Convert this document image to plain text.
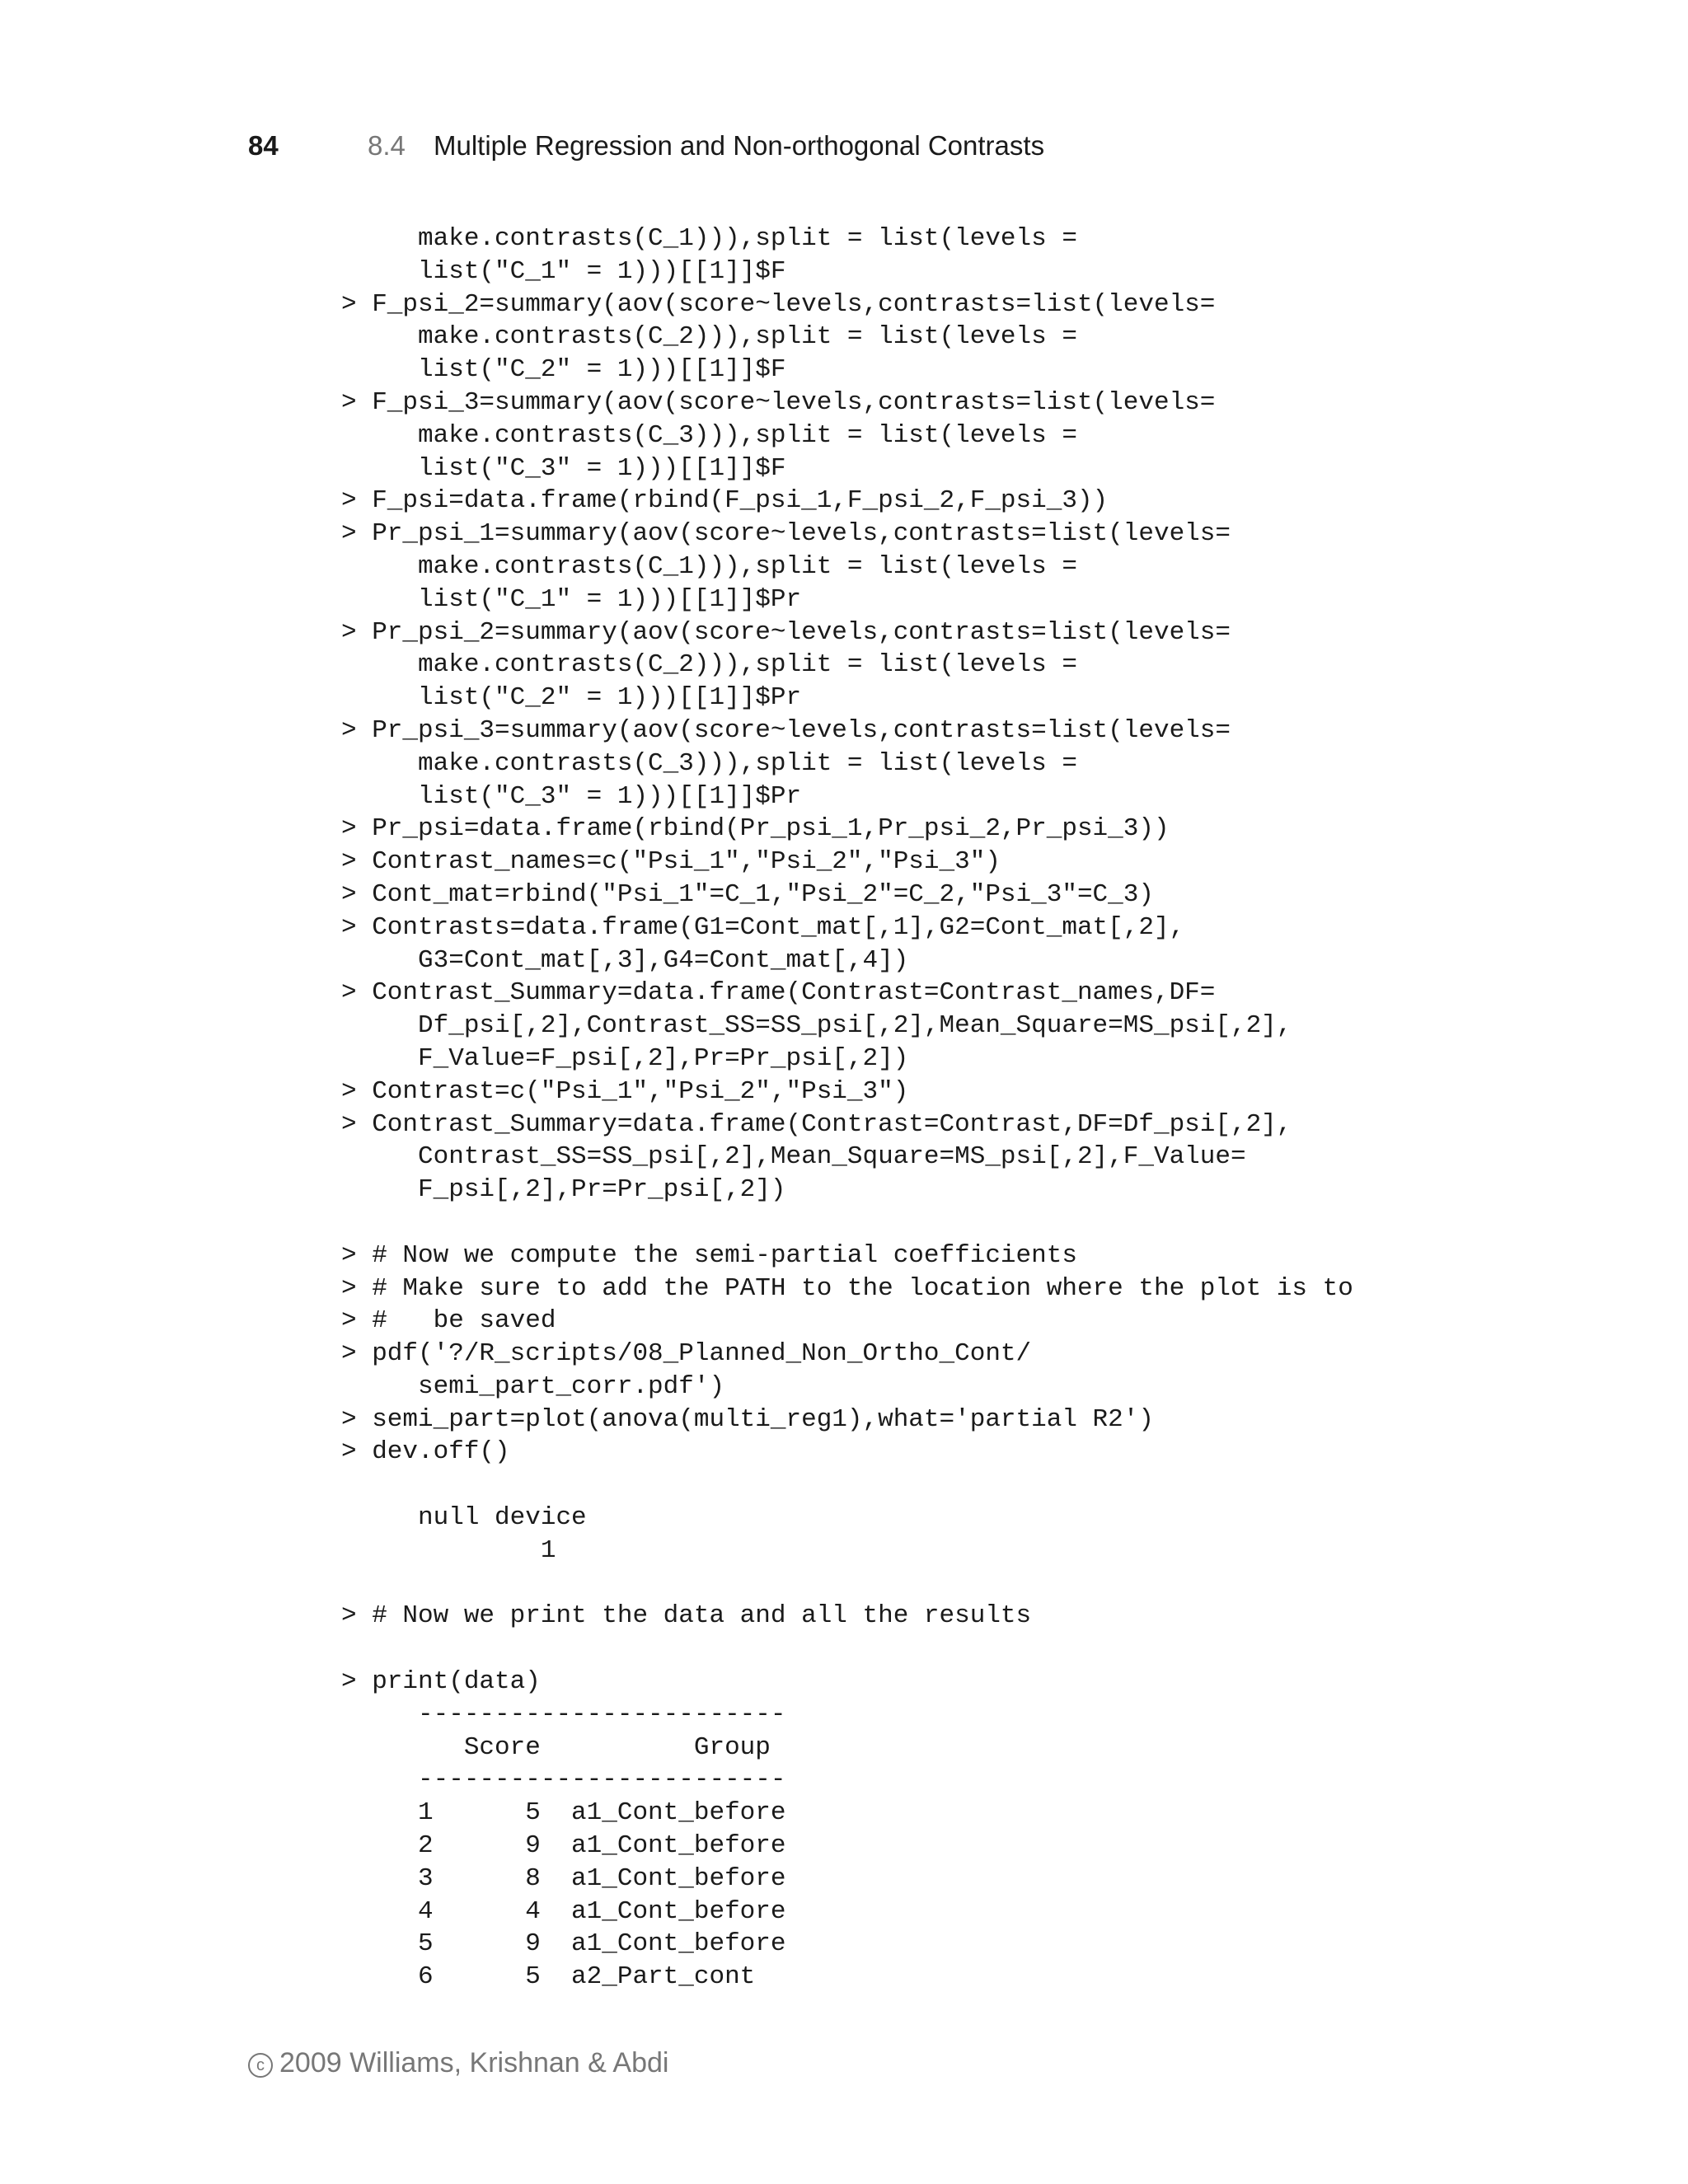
84	8.4 Multiple Regression and Non-orthogonal Contrasts
make.contrasts(C_1))),split = list(levels =
list("C_1" = 1)))[[1]]$F
> F_psi_2=summary(aov(score~levels,contrasts=list(levels=
make.contrasts(C_2))),split = list(levels =
list("C_2" = 1)))[[1]]$F
> F_psi_3=summary(aov(score~levels,contrasts=list(levels=
make.contrasts(C_3))),split = list(levels =
list("C_3" = 1)))[[1]]$F
> F_psi=data.frame(rbind(F_psi_1,F_psi_2,F_psi_3))
> Pr_psi_1=summary(aov(score~levels,contrasts=list(levels=
make.contrasts(C_1))),split = list(levels =
list("C_1" = 1)))[[1]]$Pr
> Pr_psi_2=summary(aov(score~levels,contrasts=list(levels=
make.contrasts(C_2))),split = list(levels =
list("C_2" = 1)))[[1]]$Pr
> Pr_psi_3=summary(aov(score~levels,contrasts=list(levels=
make.contrasts(C_3))),split = list(levels =
list("C_3" = 1)))[[1]]$Pr
> Pr_psi=data.frame(rbind(Pr_psi_1,Pr_psi_2,Pr_psi_3))
> Contrast_names=c("Psi_1","Psi_2","Psi_3")
> Cont_mat=rbind("Psi_1"=C_1,"Psi_2"=C_2,"Psi_3"=C_3)
> Contrasts=data.frame(G1=Cont_mat[,1],G2=Cont_mat[,2],
G3=Cont_mat[,3],G4=Cont_mat[,4])
> Contrast_Summary=data.frame(Contrast=Contrast_names,DF=
Df_psi[,2],Contrast_SS=SS_psi[,2],Mean_Square=MS_psi[,2],
F_Value=F_psi[,2],Pr=Pr_psi[,2])
> Contrast=c("Psi_1","Psi_2","Psi_3")
> Contrast_Summary=data.frame(Contrast=Contrast,DF=Df_psi[,2],
Contrast_SS=SS_psi[,2],Mean_Square=MS_psi[,2],F_Value=
F_psi[,2],Pr=Pr_psi[,2])
> # Now we compute the semi-partial coefficients
> # Make sure to add the PATH to the location where the plot is to
> #   be saved
> pdf('?/R_scripts/08_Planned_Non_Ortho_Cont/
semi_part_corr.pdf')
> semi_part=plot(anova(multi_reg1),what='partial R2')
> dev.off()
null device
1
> # Now we print the data and all the results
> print(data)
------------------------
Score          Group
------------------------
1      5  a1_Cont_before
2      9  a1_Cont_before
3      8  a1_Cont_before
4      4  a1_Cont_before
5      9  a1_Cont_before
6      5  a2_Part_cont
c 2009 Williams, Krishnan & Abdi
